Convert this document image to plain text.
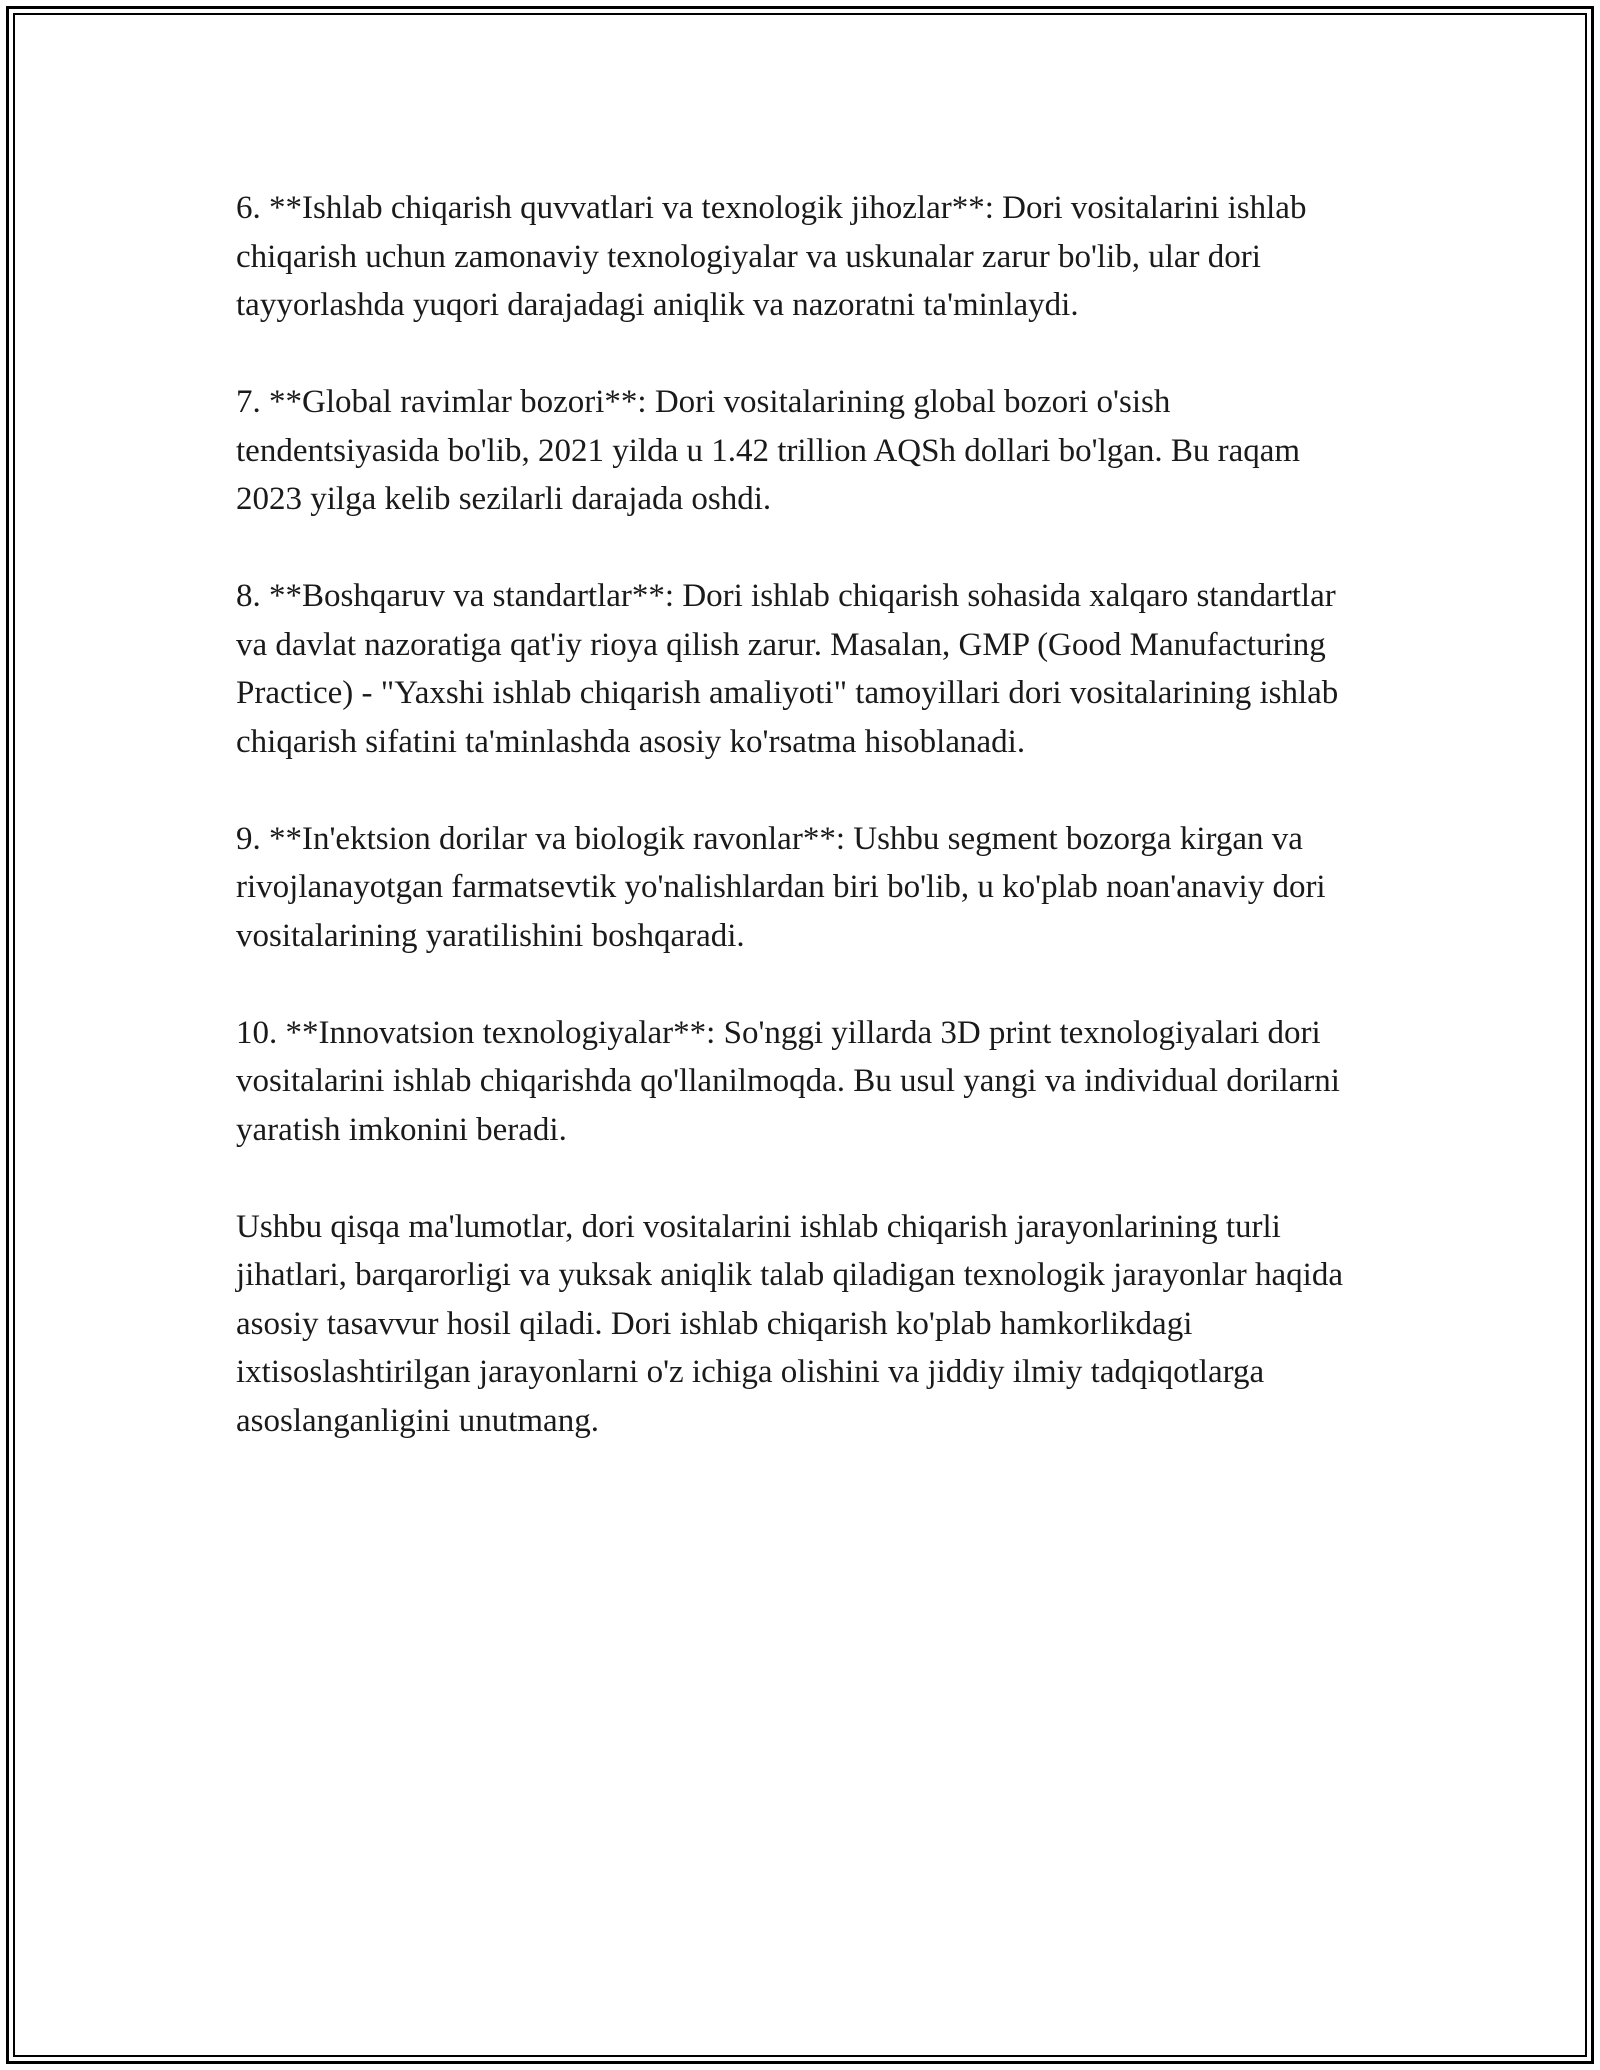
6. **Ishlab chiqarish quvvatlari va texnologik jihozlar**: Dori vositalarini ishlab chiqarish uchun zamonaviy texnologiyalar va uskunalar zarur bo'lib, ular dori tayyorlashda yuqori darajadagi aniqlik va nazoratni ta'minlaydi.

7. **Global ravimlar bozori**: Dori vositalarining global bozori o'sish tendentsiyasida bo'lib, 2021 yilda u 1.42 trillion AQSh dollari bo'lgan. Bu raqam 2023 yilga kelib sezilarli darajada oshdi.

8. **Boshqaruv va standartlar**: Dori ishlab chiqarish sohasida xalqaro standartlar va davlat nazoratiga qat'iy rioya qilish zarur. Masalan, GMP (Good Manufacturing Practice) - "Yaxshi ishlab chiqarish amaliyoti" tamoyillari dori vositalarining ishlab chiqarish sifatini ta'minlashda asosiy ko'rsatma hisoblanadi.

9. **In'ektsion dorilar va biologik ravonlar**: Ushbu segment bozorga kirgan va rivojlanayotgan farmatsevtik yo'nalishlardan biri bo'lib, u ko'plab noan'anaviy dori vositalarining yaratilishini boshqaradi.

10. **Innovatsion texnologiyalar**: So'nggi yillarda 3D print texnologiyalari dori vositalarini ishlab chiqarishda qo'llanilmoqda. Bu usul yangi va individual dorilarni yaratish imkonini beradi.

Ushbu qisqa ma'lumotlar, dori vositalarini ishlab chiqarish jarayonlarining turli jihatlari, barqarorligi va yuksak aniqlik talab qiladigan texnologik jarayonlar haqida asosiy tasavvur hosil qiladi. Dori ishlab chiqarish ko'plab hamkorlikdagi ixtisoslashtirilgan jarayonlarni o'z ichiga olishini va jiddiy ilmiy tadqiqotlarga asoslanganligini unutmang.
